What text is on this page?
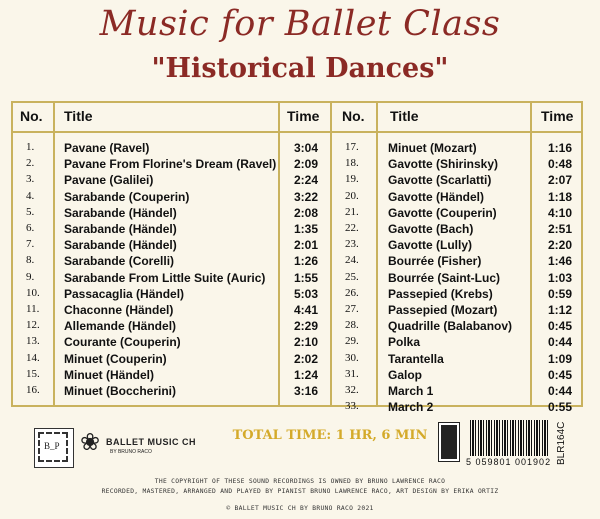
Music for Ballet Class
"Historical Dances"
No. Title	Time No. Title	Time
1.	Pavane (Ravel)	3:04
2.	Pavane From Florine's Dream (Ravel)	2:09
3.	Pavane (Galilei)	2:24
4.	Sarabande (Couperin)	3:22
5.	Sarabande (Händel)	2:08
6.	Sarabande (Händel)	1:35
7.	Sarabande (Händel)	2:01
8.	Sarabande (Corelli)	1:26
9.	Sarabande From Little Suite (Auric)	1:55
10.	Passacaglia (Händel)	5:03
11.	Chaconne (Händel)	4:41
12.	Allemande (Händel)	2:29
13.	Courante (Couperin)	2:10
14.	Minuet (Couperin)	2:02
15.	Minuet (Händel)	1:24
16.	Minuet (Boccherini)	3:16
17.	Minuet (Mozart)	1:16
18.	Gavotte (Shirinsky)	0:48
19.	Gavotte (Scarlatti)	2:07
20.	Gavotte (Händel)	1:18
21.	Gavotte (Couperin)	4:10
22.	Gavotte (Bach)	2:51
23.	Gavotte (Lully)	2:20
24.	Bourrée (Fisher)	1:46
25.	Bourrée (Saint-Luc)	1:03
26.	Passepied (Krebs)	0:59
27.	Passepied (Mozart)	1:12
28.	Quadrille (Balabanov)	0:45
29.	Polka	0:44
30.	Tarantella	1:09
31.	Galop	0:45
32.	March 1	0:44
33.	March 2	0:55
TOTAL TIME: 1 HR, 6 MIN
B_P ❀ BALLET MUSIC CH
BY BRUNO RACO
5 059801 001902 BLR164C
THE COPYRIGHT OF THESE SOUND RECORDINGS IS OWNED BY BRUNO LAWRENCE RACO
RECORDED, MASTERED, ARRANGED AND PLAYED BY PIANIST BRUNO LAWRENCE RACO, ART DESIGN BY ERIKA ORTIZ
© BALLET MUSIC CH BY BRUNO RACO 2021
